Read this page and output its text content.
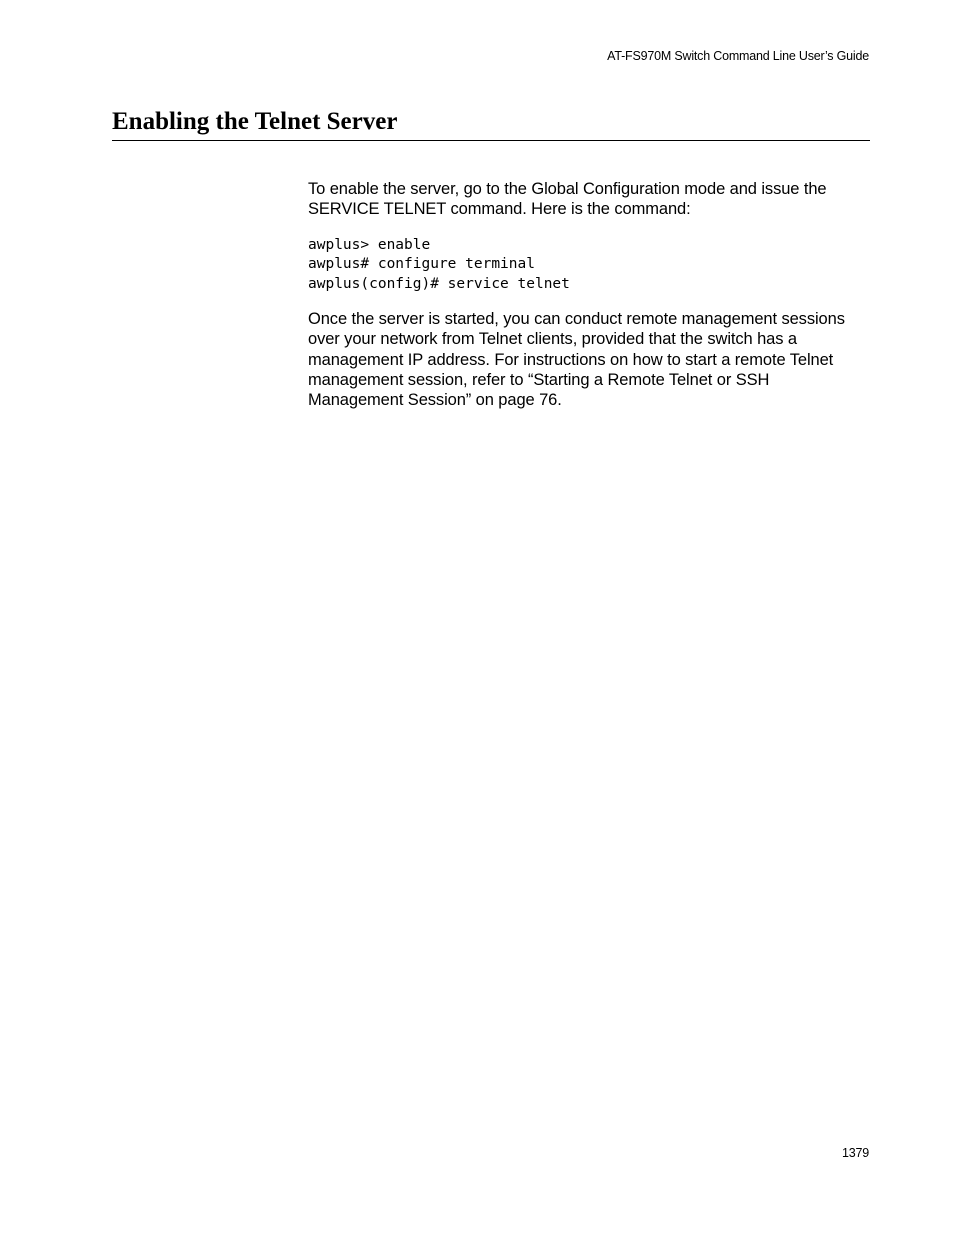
AT-FS970M Switch Command Line User’s Guide
Enabling the Telnet Server

To enable the server, go to the Global Configuration mode and issue the
SERVICE TELNET command. Here is the command:

awplus> enable
awplus# configure terminal
awplus(config)# service telnet

Once the server is started, you can conduct remote management sessions
over your network from Telnet clients, provided that the switch has a
management IP address. For instructions on how to start a remote Telnet
management session, refer to “Starting a Remote Telnet or SSH
Management Session” on page 76.

1379
